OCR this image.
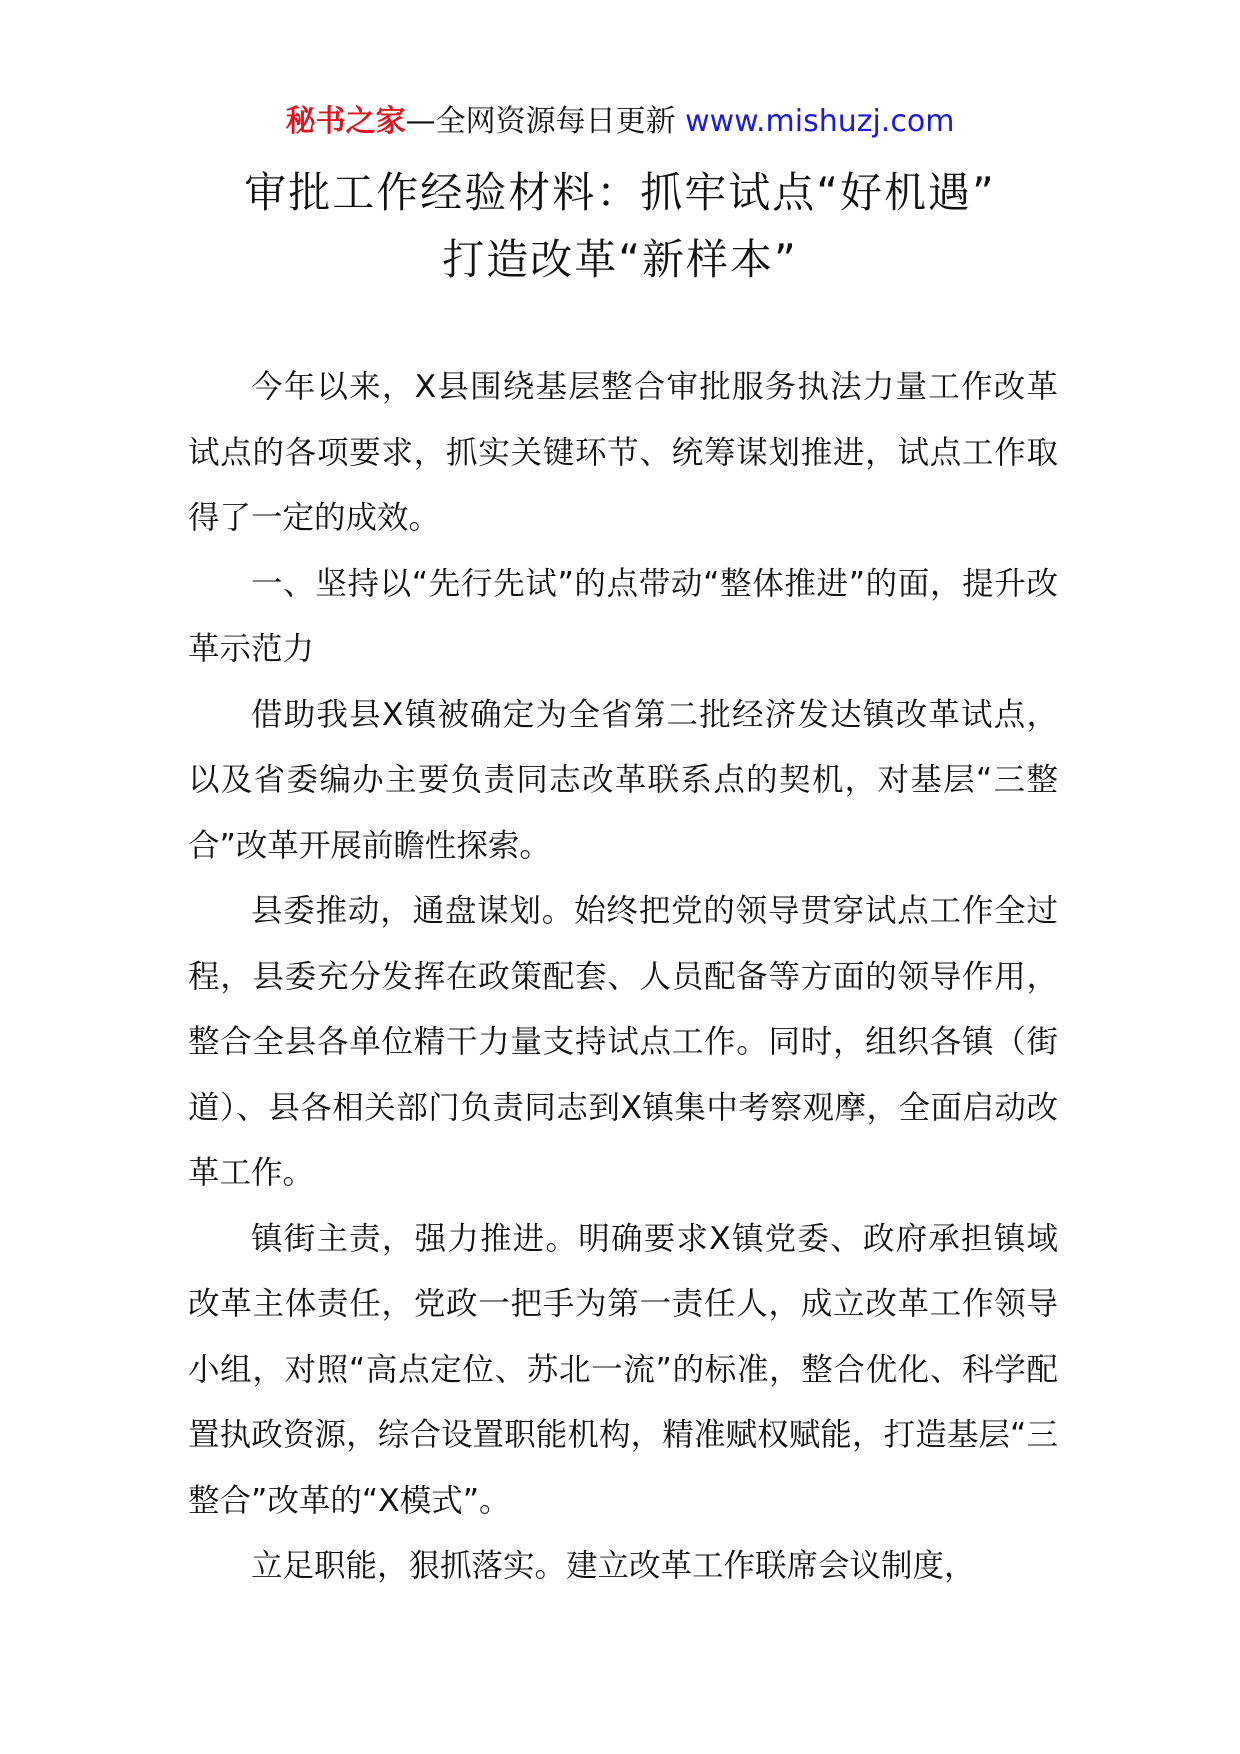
秘书之家—全网资源每日更新 www.mishuzj.com
审批工作经验材料：抓牢试点“好机遇”
打造改革“新样本”

今年以来，X县围绕基层整合审批服务执法力量工作改革试点的各项要求，抓实关键环节、统筹谋划推进，试点工作取得了一定的成效。

一、坚持以“先行先试”的点带动“整体推进”的面，提升改革示范力

借助我县X镇被确定为全省第二批经济发达镇改革试点，以及省委编办主要负责同志改革联系点的契机，对基层“三整合”改革开展前瞻性探索。

县委推动，通盘谋划。始终把党的领导贯穿试点工作全过程，县委充分发挥在政策配套、人员配备等方面的领导作用，整合全县各单位精干力量支持试点工作。同时，组织各镇（街道）、县各相关部门负责同志到X镇集中考察观摩，全面启动改革工作。

镇街主责，强力推进。明确要求X镇党委、政府承担镇域改革主体责任，党政一把手为第一责任人，成立改革工作领导小组，对照“高点定位、苏北一流”的标准，整合优化、科学配置执政资源，综合设置职能机构，精准赋权赋能，打造基层“三整合”改革的“X模式”。

立足职能，狠抓落实。建立改革工作联席会议制度，
